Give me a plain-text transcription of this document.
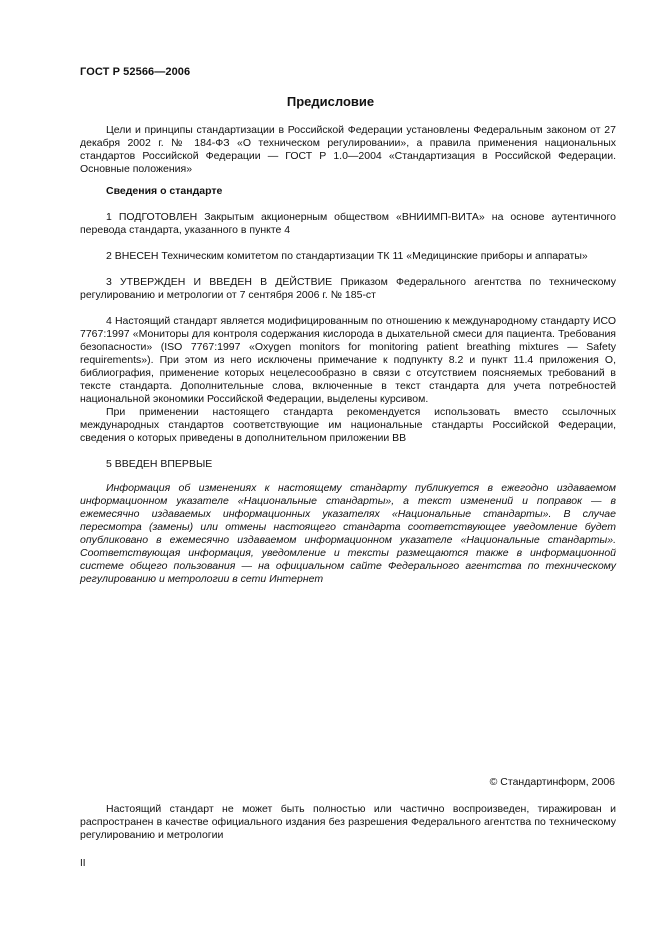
ГОСТ Р 52566—2006
Предисловие

Цели и принципы стандартизации в Российской Федерации установлены Федеральным законом от 27 декабря 2002 г. № 184-ФЗ «О техническом регулировании», а правила применения национальных стандартов Российской Федерации — ГОСТ Р 1.0—2004 «Стандартизация в Российской Федерации. Основные положения»

Сведения о стандарте

1 ПОДГОТОВЛЕН Закрытым акционерным обществом «ВНИИМП-ВИТА» на основе аутентичного перевода стандарта, указанного в пункте 4

2 ВНЕСЕН Техническим комитетом по стандартизации ТК 11 «Медицинские приборы и аппараты»

3 УТВЕРЖДЕН И ВВЕДЕН В ДЕЙСТВИЕ Приказом Федерального агентства по техническому регулированию и метрологии от 7 сентября 2006 г. № 185-ст

4 Настоящий стандарт является модифицированным по отношению к международному стандарту ИСО 7767:1997 «Мониторы для контроля содержания кислорода в дыхательной смеси для пациента. Требования безопасности» (ISO 7767:1997 «Oxygen monitors for monitoring patient breathing mixtures — Safety requirements»). При этом из него исключены примечание к подпункту 8.2 и пункт 11.4 приложения О, библиография, применение которых нецелесообразно в связи с отсутствием поясняемых требований в тексте стандарта. Дополнительные слова, включенные в текст стандарта для учета потребностей национальной экономики Российской Федерации, выделены курсивом.

При применении настоящего стандарта рекомендуется использовать вместо ссылочных международных стандартов соответствующие им национальные стандарты Российской Федерации, сведения о которых приведены в дополнительном приложении ВВ

5 ВВЕДЕН ВПЕРВЫЕ

Информация об изменениях к настоящему стандарту публикуется в ежегодно издаваемом информационном указателе «Национальные стандарты», а текст изменений и поправок — в ежемесячно издаваемых информационных указателях «Национальные стандарты». В случае пересмотра (замены) или отмены настоящего стандарта соответствующее уведомление будет опубликовано в ежемесячно издаваемом информационном указателе «Национальные стандарты». Соответствующая информация, уведомление и тексты размещаются также в информационной системе общего пользования — на официальном сайте Федерального агентства по техническому регулированию и метрологии в сети Интернет

© Стандартинформ, 2006

Настоящий стандарт не может быть полностью или частично воспроизведен, тиражирован и распространен в качестве официального издания без разрешения Федерального агентства по техническому регулированию и метрологии

II
